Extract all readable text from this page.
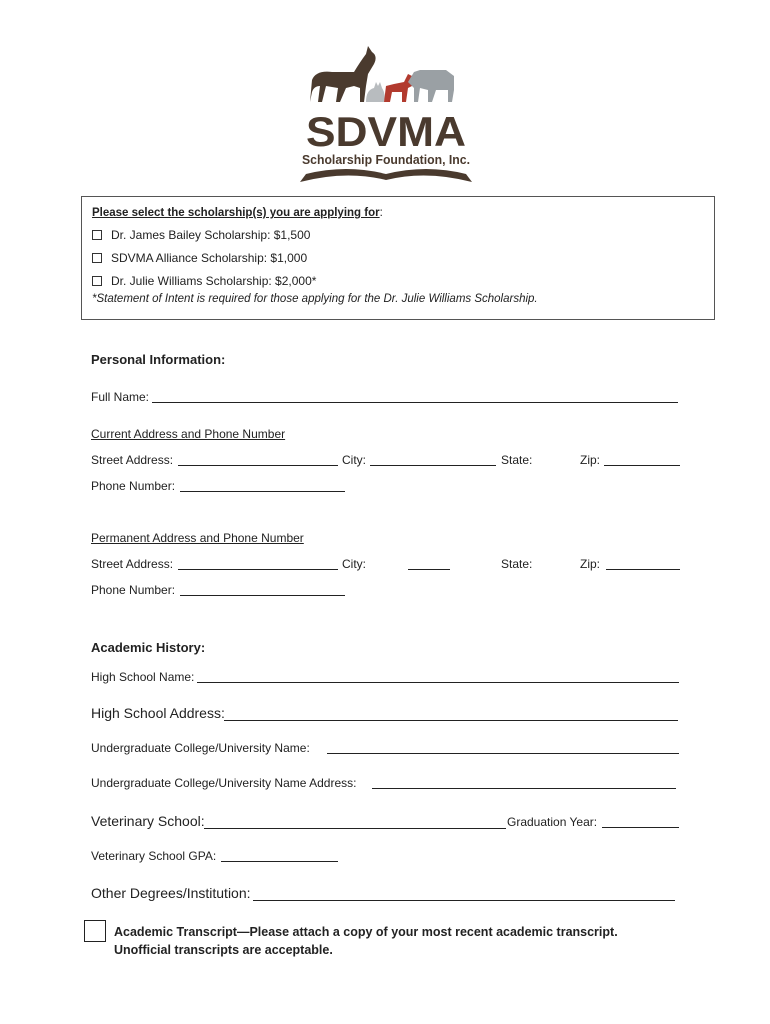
SDVMA
Scholarship Foundation, Inc.
Please select the scholarship(s) you are applying for:
Dr. James Bailey Scholarship: $1,500
SDVMA Alliance Scholarship: $1,000
Dr. Julie Williams Scholarship: $2,000*
*Statement of Intent is required for those applying for the Dr. Julie Williams Scholarship.
Personal Information:
Full Name:
Current Address and Phone Number
Street Address:	City:	State:	Zip:
Phone Number:
Permanent Address and Phone Number
Street Address:	City:	State:	Zip:
Phone Number:
Academic History:
High School Name:
High School Address:
Undergraduate College/University Name:
Undergraduate College/University Name Address:
Veterinary School:	Graduation Year:
Veterinary School GPA:
Other Degrees/Institution:
Academic Transcript—Please attach a copy of your most recent academic transcript.
Unofficial transcripts are acceptable.
